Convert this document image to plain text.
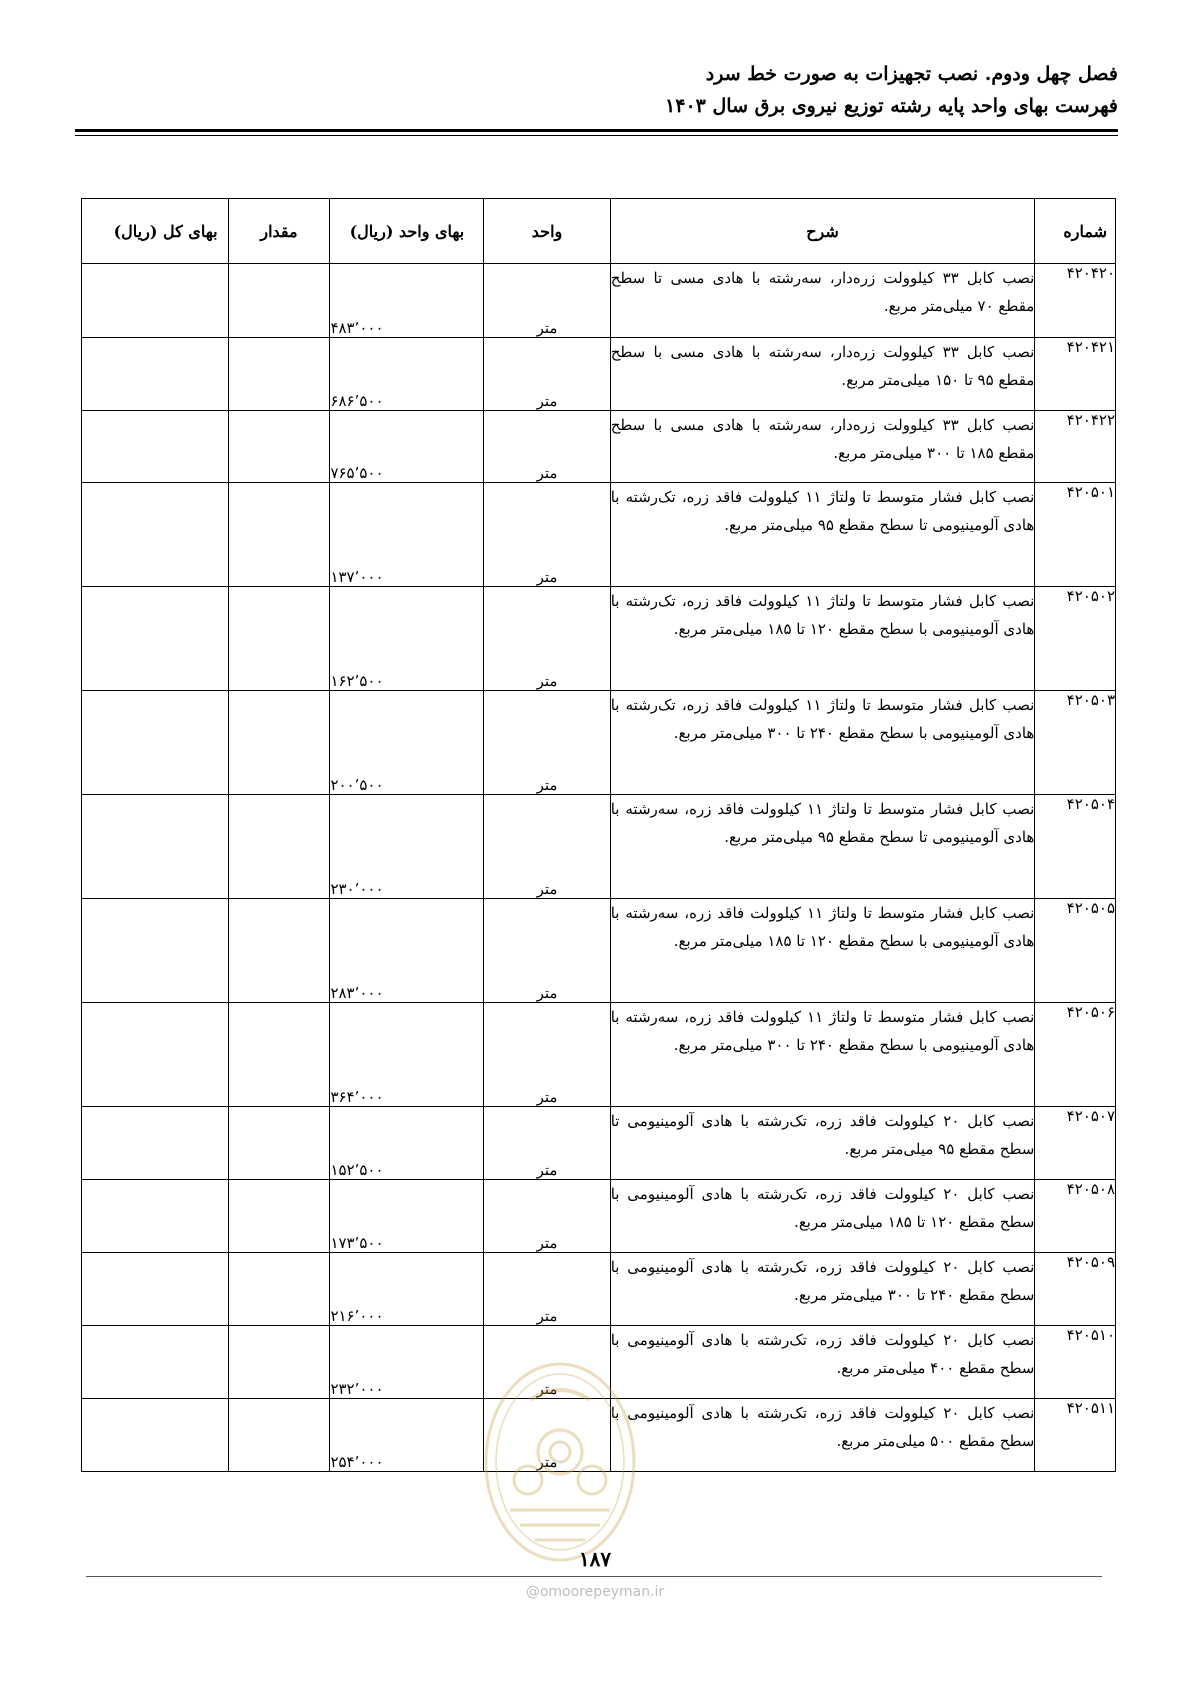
فصل چهل ودوم. نصب تجهیزات به صورت خط سرد
فهرست بهای واحد پایه رشته توزیع نیروی برق سال ۱۴۰۳
شماره	شرح	واحد	بهای واحد (ریال)	مقدار	بهای کل (ریال)
۴۲۰۴۲۰	نصب کابل ۳۳ کیلوولت زره‌دار، سه‌رشته با هادی مسی تا سطح مقطع ۷۰ میلی‌متر مربع.	متر	۴۸۳٬۰۰۰		
۴۲۰۴۲۱	نصب کابل ۳۳ کیلوولت زره‌دار، سه‌رشته با هادی مسی با سطح مقطع ۹۵ تا ۱۵۰ میلی‌متر مربع.	متر	۶۸۶٬۵۰۰		
۴۲۰۴۲۲	نصب کابل ۳۳ کیلوولت زره‌دار، سه‌رشته با هادی مسی با سطح مقطع ۱۸۵ تا ۳۰۰ میلی‌متر مربع.	متر	۷۶۵٬۵۰۰		
۴۲۰۵۰۱	نصب کابل فشار متوسط تا ولتاژ ۱۱ کیلوولت فاقد زره، تک‌رشته با هادی آلومینیومی تا سطح مقطع ۹۵ میلی‌متر مربع.	متر	۱۳۷٬۰۰۰		
۴۲۰۵۰۲	نصب کابل فشار متوسط تا ولتاژ ۱۱ کیلوولت فاقد زره، تک‌رشته با هادی آلومینیومی با سطح مقطع ۱۲۰ تا ۱۸۵ میلی‌متر مربع.	متر	۱۶۲٬۵۰۰		
۴۲۰۵۰۳	نصب کابل فشار متوسط تا ولتاژ ۱۱ کیلوولت فاقد زره، تک‌رشته با هادی آلومینیومی با سطح مقطع ۲۴۰ تا ۳۰۰ میلی‌متر مربع.	متر	۲۰۰٬۵۰۰		
۴۲۰۵۰۴	نصب کابل فشار متوسط تا ولتاژ ۱۱ کیلوولت فاقد زره، سه‌رشته با هادی آلومینیومی تا سطح مقطع ۹۵ میلی‌متر مربع.	متر	۲۳۰٬۰۰۰		
۴۲۰۵۰۵	نصب کابل فشار متوسط تا ولتاژ ۱۱ کیلوولت فاقد زره، سه‌رشته با هادی آلومینیومی با سطح مقطع ۱۲۰ تا ۱۸۵ میلی‌متر مربع.	متر	۲۸۳٬۰۰۰		
۴۲۰۵۰۶	نصب کابل فشار متوسط تا ولتاژ ۱۱ کیلوولت فاقد زره، سه‌رشته با هادی آلومینیومی با سطح مقطع ۲۴۰ تا ۳۰۰ میلی‌متر مربع.	متر	۳۶۴٬۰۰۰		
۴۲۰۵۰۷	نصب کابل ۲۰ کیلوولت فاقد زره، تک‌رشته با هادی آلومینیومی تا سطح مقطع ۹۵ میلی‌متر مربع.	متر	۱۵۲٬۵۰۰		
۴۲۰۵۰۸	نصب کابل ۲۰ کیلوولت فاقد زره، تک‌رشته با هادی آلومینیومی با سطح مقطع ۱۲۰ تا ۱۸۵ میلی‌متر مربع.	متر	۱۷۳٬۵۰۰		
۴۲۰۵۰۹	نصب کابل ۲۰ کیلوولت فاقد زره، تک‌رشته با هادی آلومینیومی با سطح مقطع ۲۴۰ تا ۳۰۰ میلی‌متر مربع.	متر	۲۱۶٬۰۰۰		
۴۲۰۵۱۰	نصب کابل ۲۰ کیلوولت فاقد زره، تک‌رشته با هادی آلومینیومی با سطح مقطع ۴۰۰ میلی‌متر مربع.	متر	۲۳۲٬۰۰۰		
۴۲۰۵۱۱	نصب کابل ۲۰ کیلوولت فاقد زره، تک‌رشته با هادی آلومینیومی با سطح مقطع ۵۰۰ میلی‌متر مربع.	متر	۲۵۴٬۰۰۰		
۱۸۷
@omoorepeyman.ir
